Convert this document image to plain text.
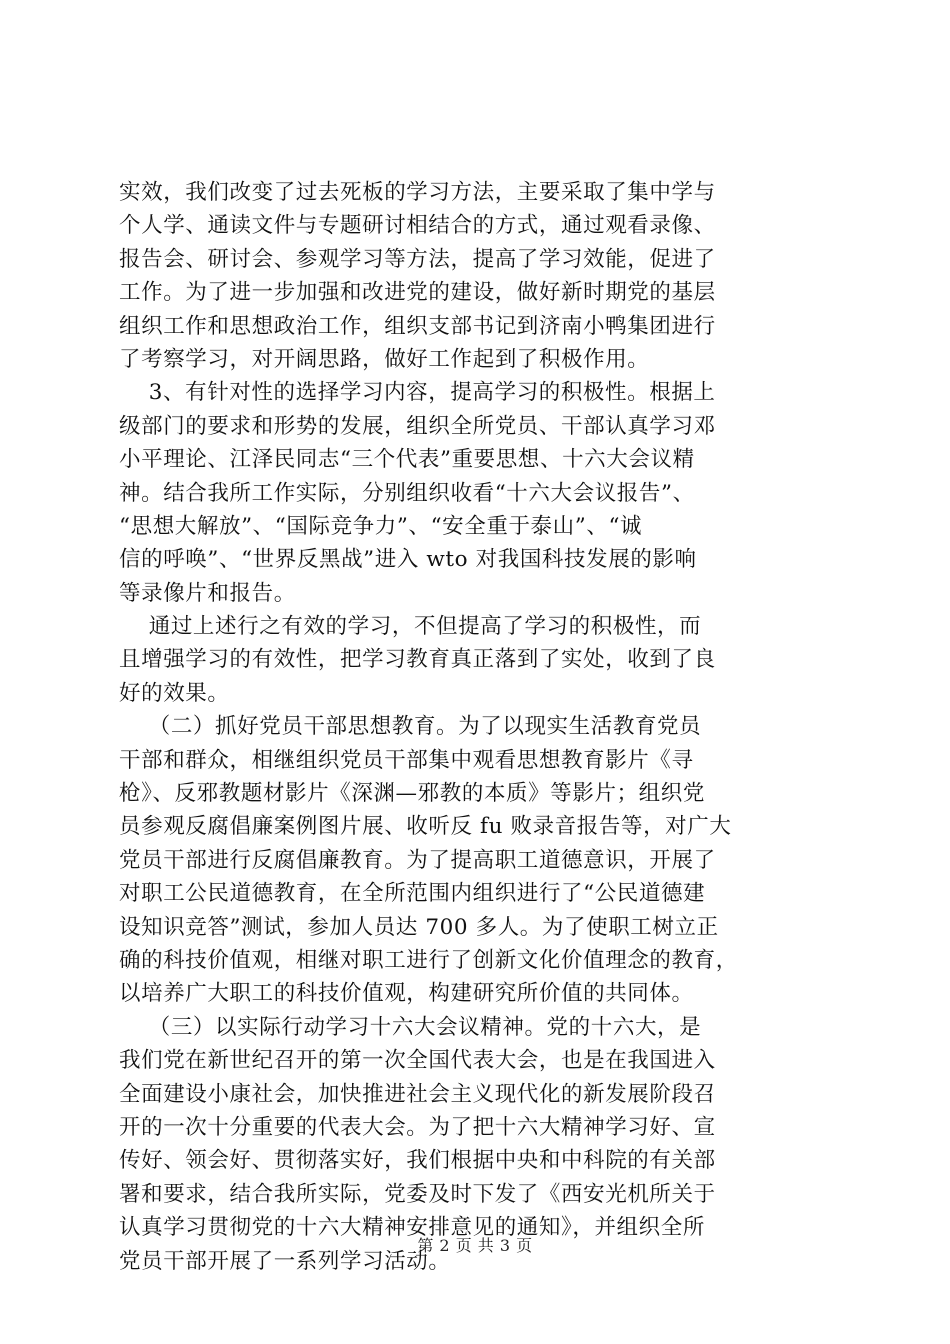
实效，我们改变了过去死板的学习方法，主要采取了集中学与
个人学、通读文件与专题研讨相结合的方式，通过观看录像、
报告会、研讨会、参观学习等方法，提高了学习效能，促进了
工作。为了进一步加强和改进党的建设，做好新时期党的基层
组织工作和思想政治工作，组织支部书记到济南小鸭集团进行
了考察学习，对开阔思路，做好工作起到了积极作用。
3、有针对性的选择学习内容，提高学习的积极性。根据上
级部门的要求和形势的发展，组织全所党员、干部认真学习邓
小平理论、江泽民同志“三个代表”重要思想、十六大会议精
神。结合我所工作实际，分别组织收看“十六大会议报告”、
“思想大解放”、“国际竞争力”、“安全重于泰山”、“诚
信的呼唤”、“世界反黑战”进入 wto 对我国科技发展的影响
等录像片和报告。
通过上述行之有效的学习，不但提高了学习的积极性，而
且增强学习的有效性，把学习教育真正落到了实处，收到了良
好的效果。
（二）抓好党员干部思想教育。为了以现实生活教育党员
干部和群众，相继组织党员干部集中观看思想教育影片《寻
枪》、反邪教题材影片《深渊—邪教的本质》等影片；组织党
员参观反腐倡廉案例图片展、收听反 fu 败录音报告等，对广大
党员干部进行反腐倡廉教育。为了提高职工道德意识，开展了
对职工公民道德教育，在全所范围内组织进行了“公民道德建
设知识竞答”测试，参加人员达 700 多人。为了使职工树立正
确的科技价值观，相继对职工进行了创新文化价值理念的教育，
以培养广大职工的科技价值观，构建研究所价值的共同体。
（三）以实际行动学习十六大会议精神。党的十六大，是
我们党在新世纪召开的第一次全国代表大会，也是在我国进入
全面建设小康社会，加快推进社会主义现代化的新发展阶段召
开的一次十分重要的代表大会。为了把十六大精神学习好、宣
传好、领会好、贯彻落实好，我们根据中央和中科院的有关部
署和要求，结合我所实际，党委及时下发了《西安光机所关于
认真学习贯彻党的十六大精神安排意见的通知》，并组织全所
党员干部开展了一系列学习活动。
第 2 页 共 3 页
